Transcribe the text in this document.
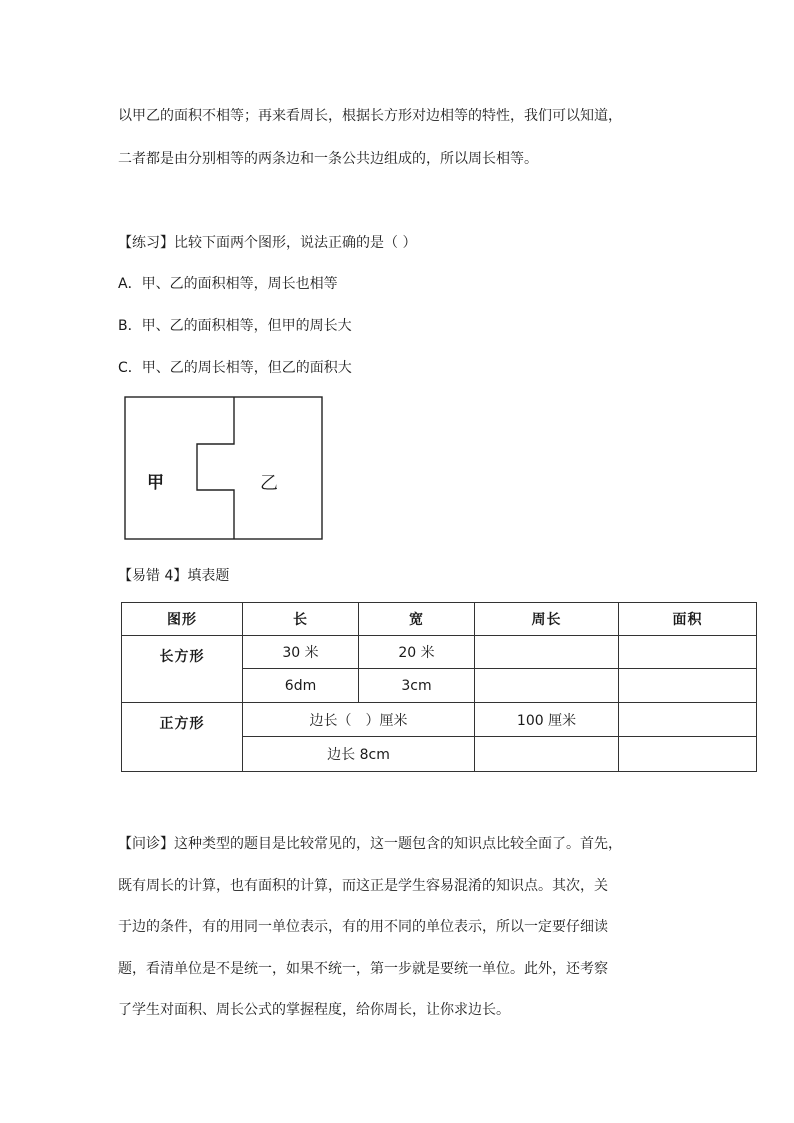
以甲乙的面积不相等；再来看周长，根据长方形对边相等的特性，我们可以知道，
二者都是由分别相等的两条边和一条公共边组成的，所以周长相等。
【练习】比较下面两个图形，说法正确的是（ ）
A．甲、乙的面积相等，周长也相等
B．甲、乙的面积相等，但甲的周长大
C．甲、乙的周长相等，但乙的面积大
甲	乙
【易错 4】填表题
图形	长	宽	周长	面积
长方形	30 米	20 米		
	6dm	3cm		
正方形	边长（　）厘米		100 厘米	
	边长 8cm			
【问诊】这种类型的题目是比较常见的，这一题包含的知识点比较全面了。首先，
既有周长的计算，也有面积的计算，而这正是学生容易混淆的知识点。其次，关
于边的条件，有的用同一单位表示，有的用不同的单位表示，所以一定要仔细读
题，看清单位是不是统一，如果不统一，第一步就是要统一单位。此外，还考察
了学生对面积、周长公式的掌握程度，给你周长，让你求边长。
